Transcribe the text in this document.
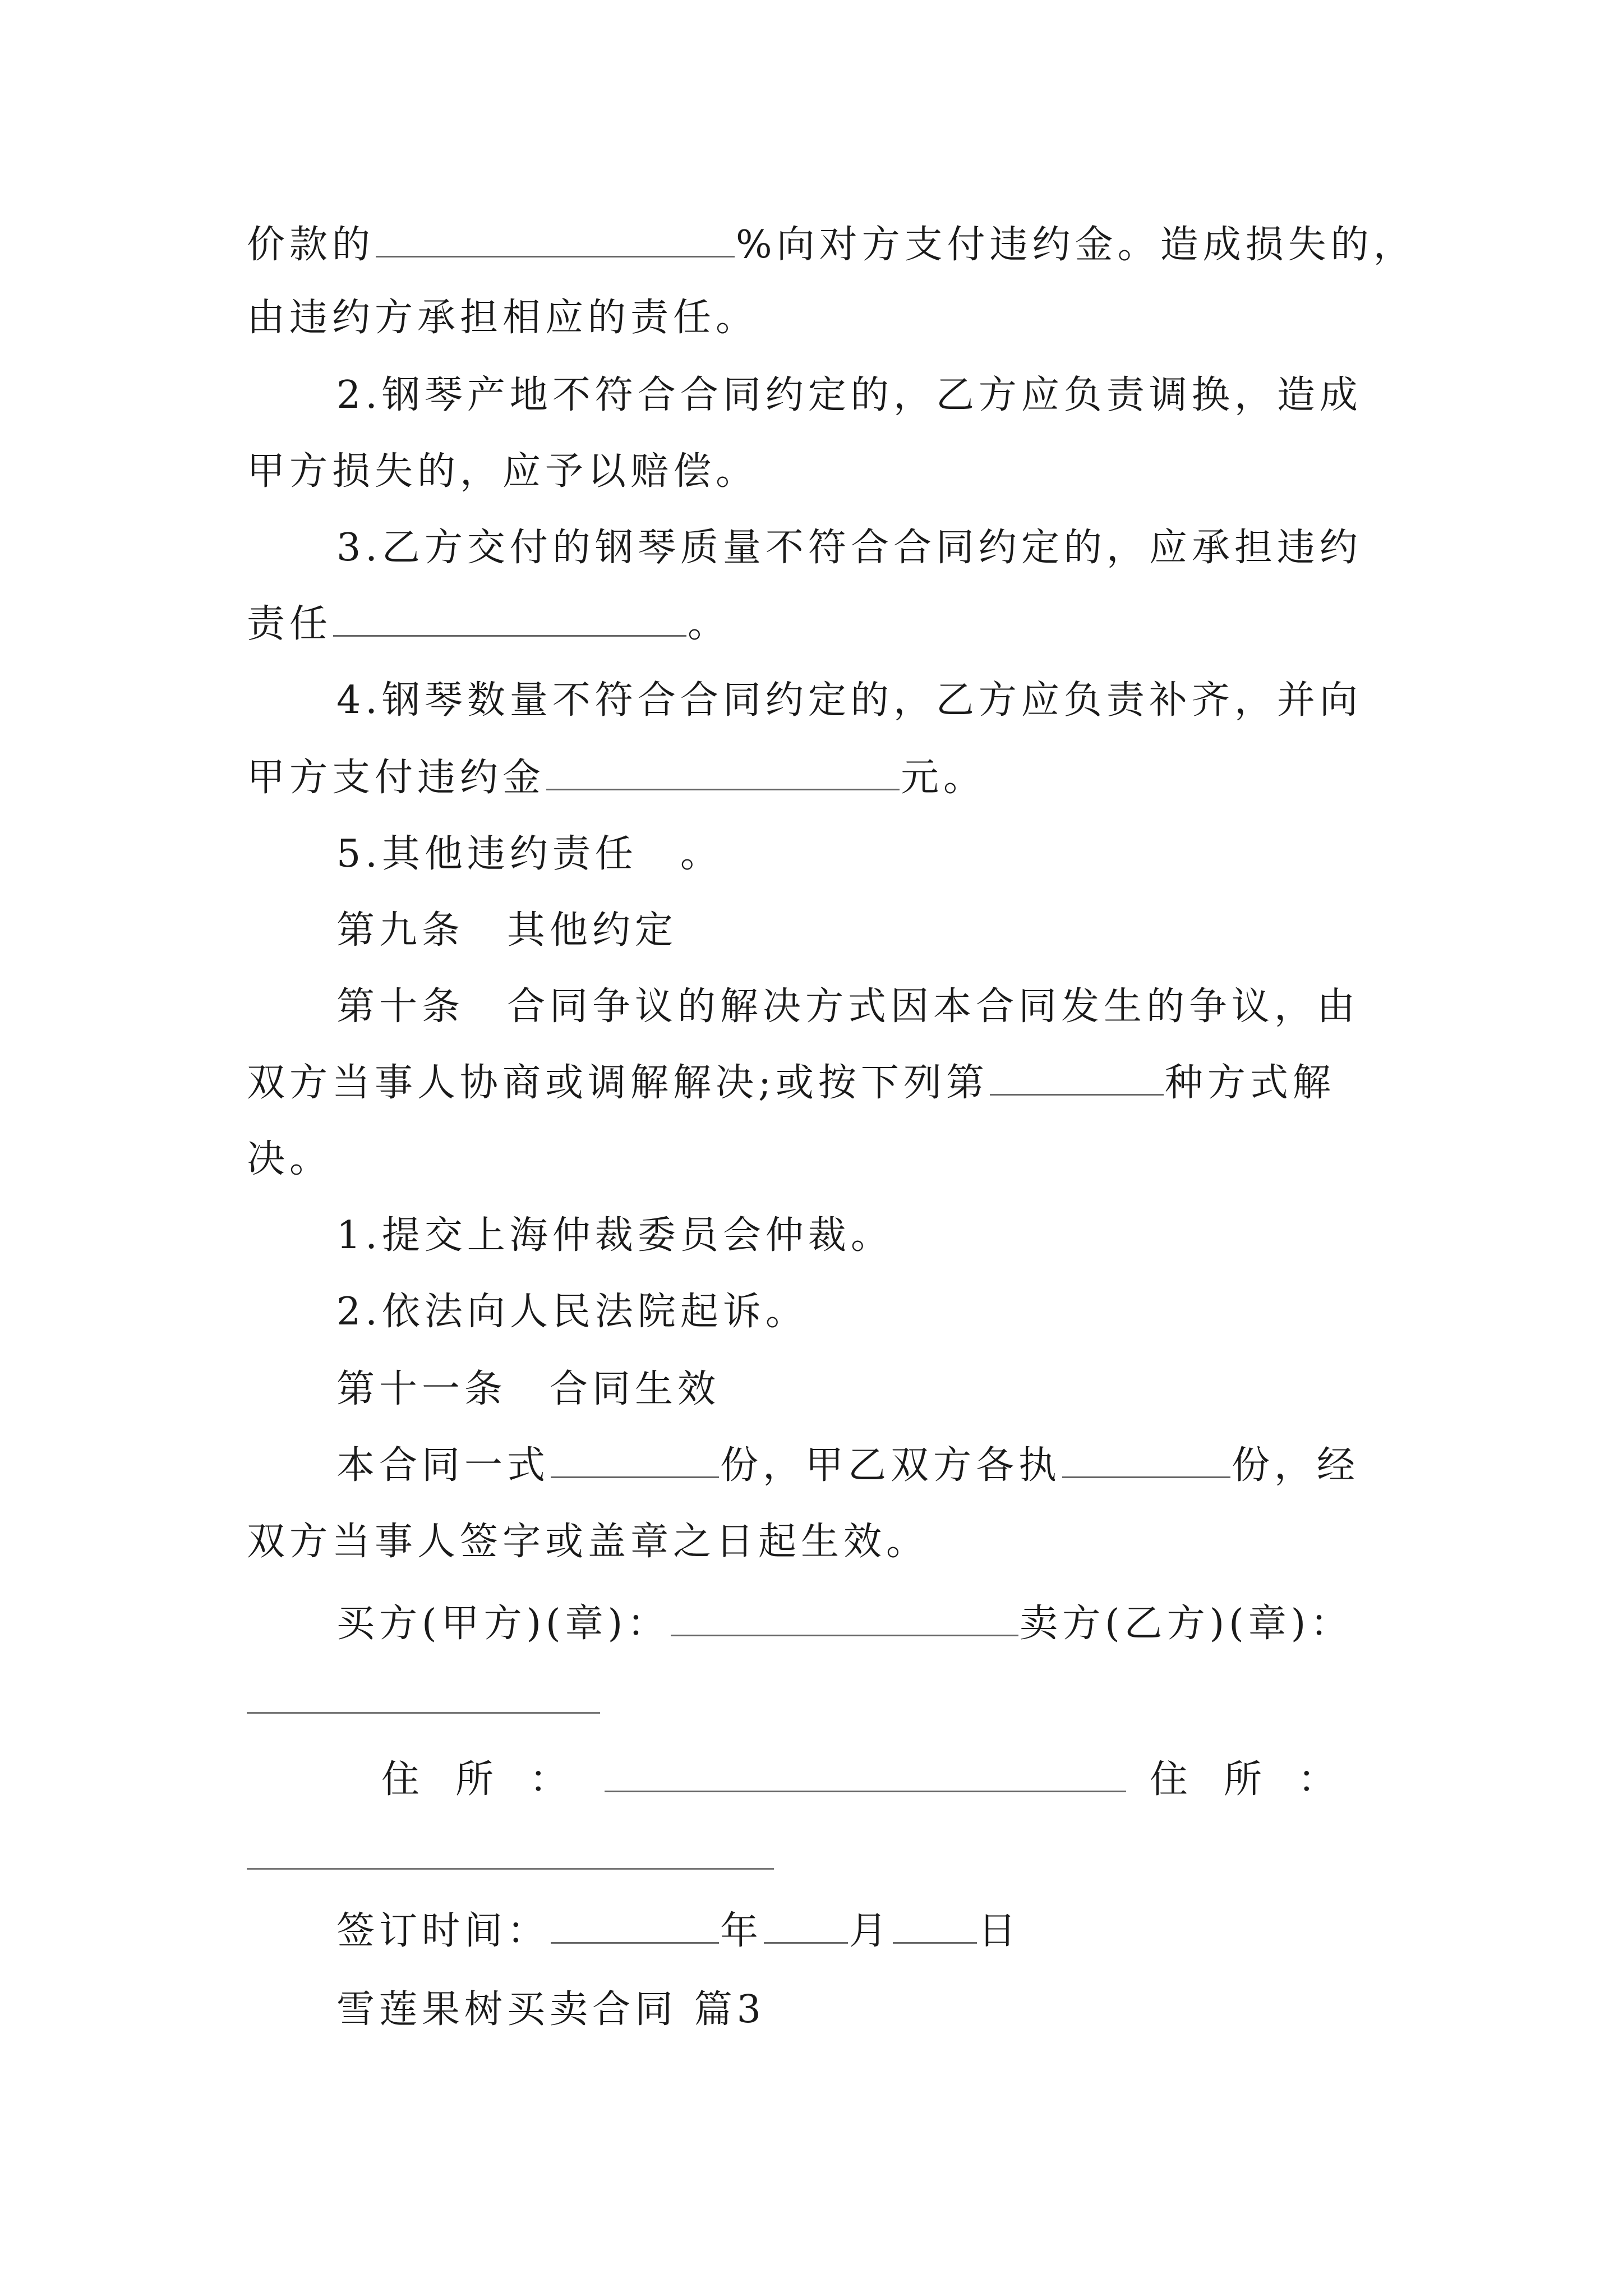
价款的	%向对方支付违约金。造成损失的，
由违约方承担相应的责任。
2.钢琴产地不符合合同约定的，乙方应负责调换，造成
甲方损失的，应予以赔偿。
3.乙方交付的钢琴质量不符合合同约定的，应承担违约
责任	。
4.钢琴数量不符合合同约定的，乙方应负责补齐，并向
甲方支付违约金	元。
5.其他违约责任　。
第九条　其他约定
第十条　合同争议的解决方式因本合同发生的争议，由
双方当事人协商或调解解决;或按下列第	种方式解
决。
1.提交上海仲裁委员会仲裁。
2.依法向人民法院起诉。
第十一条　合同生效
本合同一式	份，甲乙双方各执	份，经
双方当事人签字或盖章之日起生效。
买方(甲方)(章)：	卖方(乙方)(章)：
住所：	住所：
签订时间：	年 月 日
雪莲果树买卖合同 篇3
